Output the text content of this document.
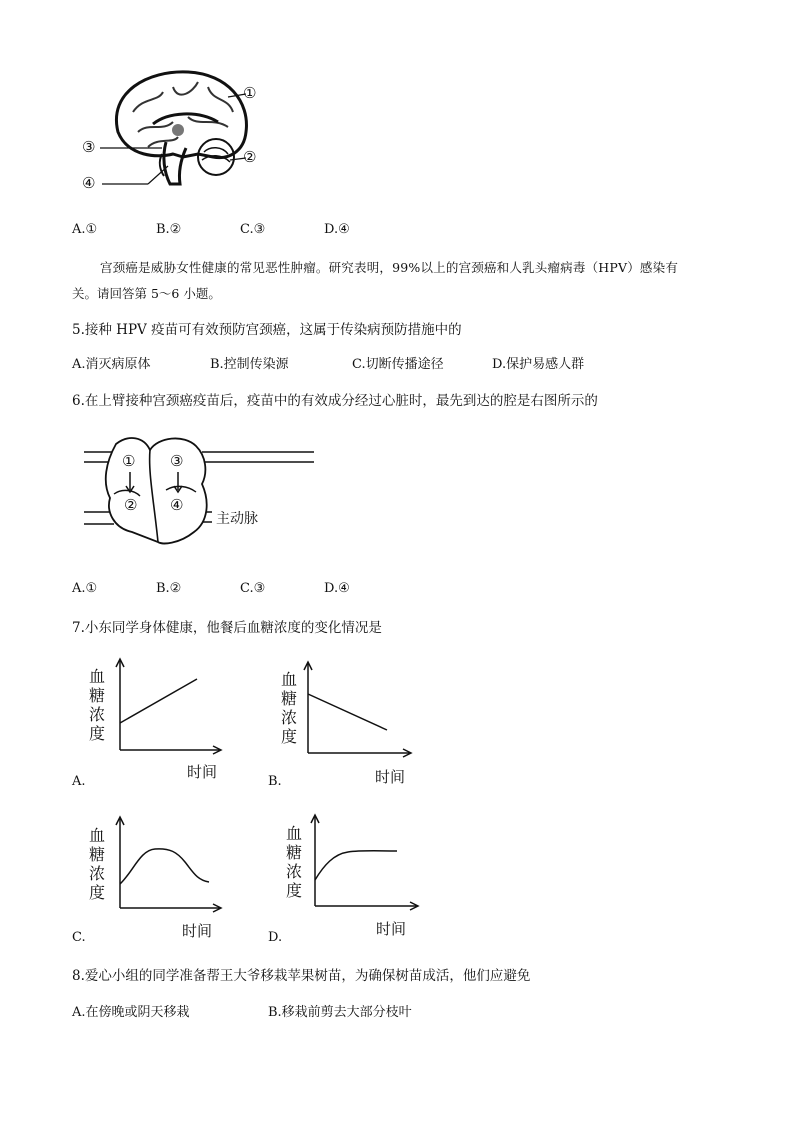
①
②
③
④
A.①	B.②	C.③	D.④
宫颈癌是威胁女性健康的常见恶性肿瘤。研究表明，99%以上的宫颈癌和人乳头瘤病毒（HPV）感染有
关。请回答第 5～6 小题。
5.接种 HPV 疫苗可有效预防宫颈癌，这属于传染病预防措施中的
A.消灭病原体	B.控制传染源	C.切断传播途径	D.保护易感人群
6.在上臂接种宫颈癌疫苗后，疫苗中的有效成分经过心脏时，最先到达的腔是右图所示的
①
②
③
④
主动脉
A.①	B.②	C.③	D.④
7.小东同学身体健康，他餐后血糖浓度的变化情况是
血
糖
浓
度
时间
A.
血
糖
浓
度
时间
B.
血
糖
浓
度
时间
C.
血
糖
浓
度
时间
D.
8.爱心小组的同学准备帮王大爷移栽苹果树苗，为确保树苗成活，他们应避免
A.在傍晚或阴天移栽	B.移栽前剪去大部分枝叶
